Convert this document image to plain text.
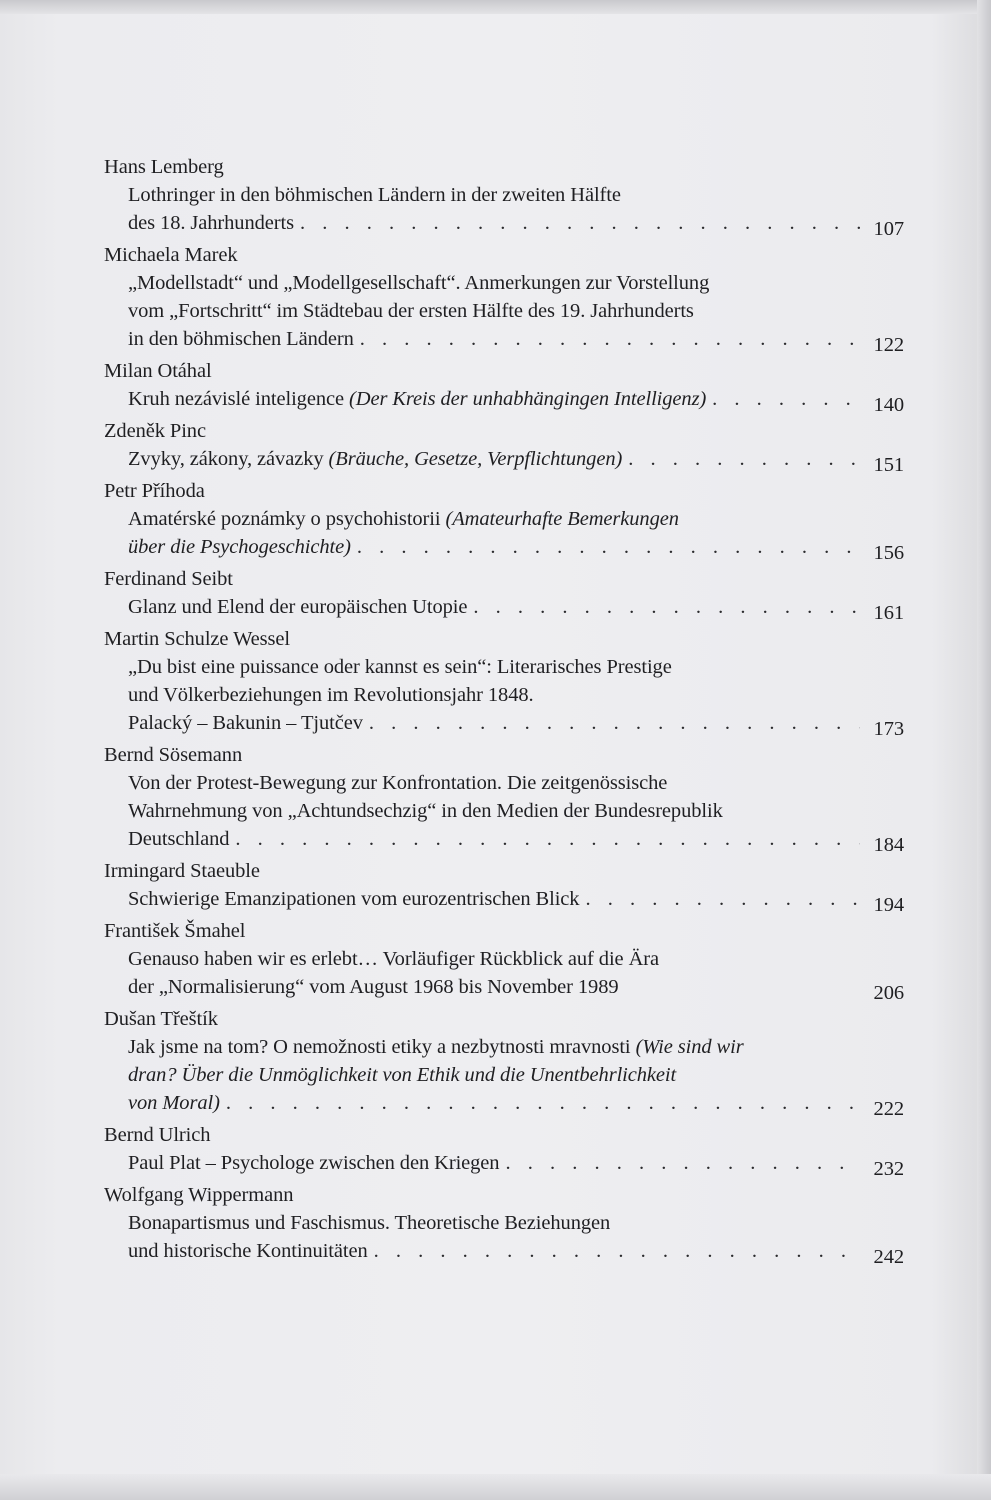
Hans Lemberg
Lothringer in den böhmischen Ländern in der zweiten Hälfte
des 18. Jahrhunderts . . .	107
Michaela Marek
„Modellstadt“ und „Modellgesellschaft“. Anmerkungen zur Vorstellung
vom „Fortschritt“ im Städtebau der ersten Hälfte des 19. Jahrhunderts
in den böhmischen Ländern . . .	122
Milan Otáhal
Kruh nezávislé inteligence (Der Kreis der unhabhängingen Intelligenz) . . .	140
Zdeněk Pinc
Zvyky, zákony, závazky (Bräuche, Gesetze, Verpflichtungen) . . .	151
Petr Příhoda
Amatérské poznámky o psychohistorii (Amateurhafte Bemerkungen
über die Psychogeschichte) . . .	156
Ferdinand Seibt
Glanz und Elend der europäischen Utopie . . .	161
Martin Schulze Wessel
„Du bist eine puissance oder kannst es sein“: Literarisches Prestige
und Völkerbeziehungen im Revolutionsjahr 1848.
Palacký – Bakunin – Tjutčev . . .	173
Bernd Sösemann
Von der Protest-Bewegung zur Konfrontation. Die zeitgenössische
Wahrnehmung von „Achtundsechzig“ in den Medien der Bundesrepublik
Deutschland . . .	184
Irmingard Staeuble
Schwierige Emanzipationen vom eurozentrischen Blick . . .	194
František Šmahel
Genauso haben wir es erlebt… Vorläufiger Rückblick auf die Ära
der „Normalisierung“ vom August 1968 bis November 1989	206
Dušan Třeštík
Jak jsme na tom? O nemožnosti etiky a nezbytnosti mravnosti (Wie sind wir
dran? Über die Unmöglichkeit von Ethik und die Unentbehrlichkeit
von Moral) . . .	222
Bernd Ulrich
Paul Plat – Psychologe zwischen den Kriegen . . .	232
Wolfgang Wippermann
Bonapartismus und Faschismus. Theoretische Beziehungen
und historische Kontinuitäten . . .	242
